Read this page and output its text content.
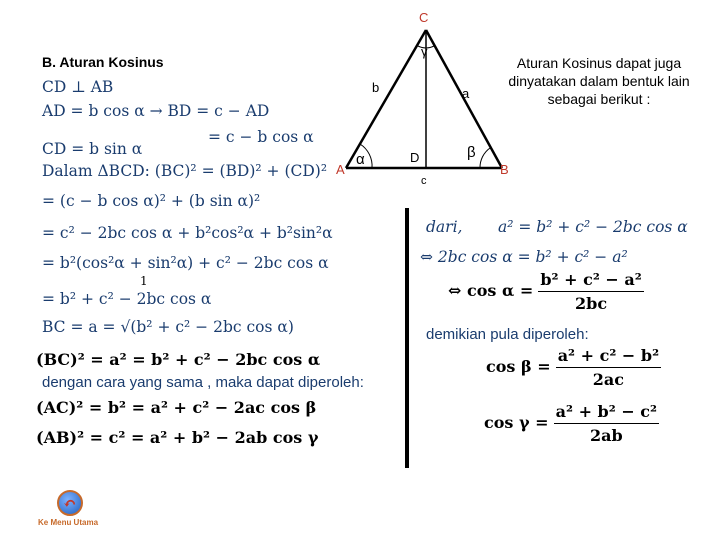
B. Aturan Kosinus
C
A	B
D
a
b
c
α	β
γ
Aturan Kosinus dapat juga dinyatakan dalam bentuk lain sebagai berikut :
CD ⊥ AB
AD = b cos α → BD = c − AD
= c − b cos α
CD = b sin α
Dalam ΔBCD: (BC)² = (BD)² + (CD)²
= (c − b cos α)² + (b sin α)²
= c² − 2bc cos α + b²cos²α + b²sin²α
= b²(cos²α + sin²α) + c² − 2bc cos α
1
= b² + c² − 2bc cos α
BC = a = √(b² + c² − 2bc cos α)
(BC)² = a² = b² + c² − 2bc cos α
dengan cara yang sama , maka dapat diperoleh:
(AC)² = b² = a² + c² − 2ac cos β
(AB)² = c² = a² + b² − 2ab cos γ
dari, a² = b² + c² − 2bc cos α
⇔ 2bc cos α = b² + c² − a²
⇔ $\cos \alpha = \frac{\text{b² + c² − a²}}{2bc}$
demikian pula diperoleh:
$\cos \beta = \frac{\text{a² + c² − b²}}{2ac}$
$\cos \gamma = \frac{\text{a² + b² − c²}}{2ab}$
↶
Ke Menu Utama
